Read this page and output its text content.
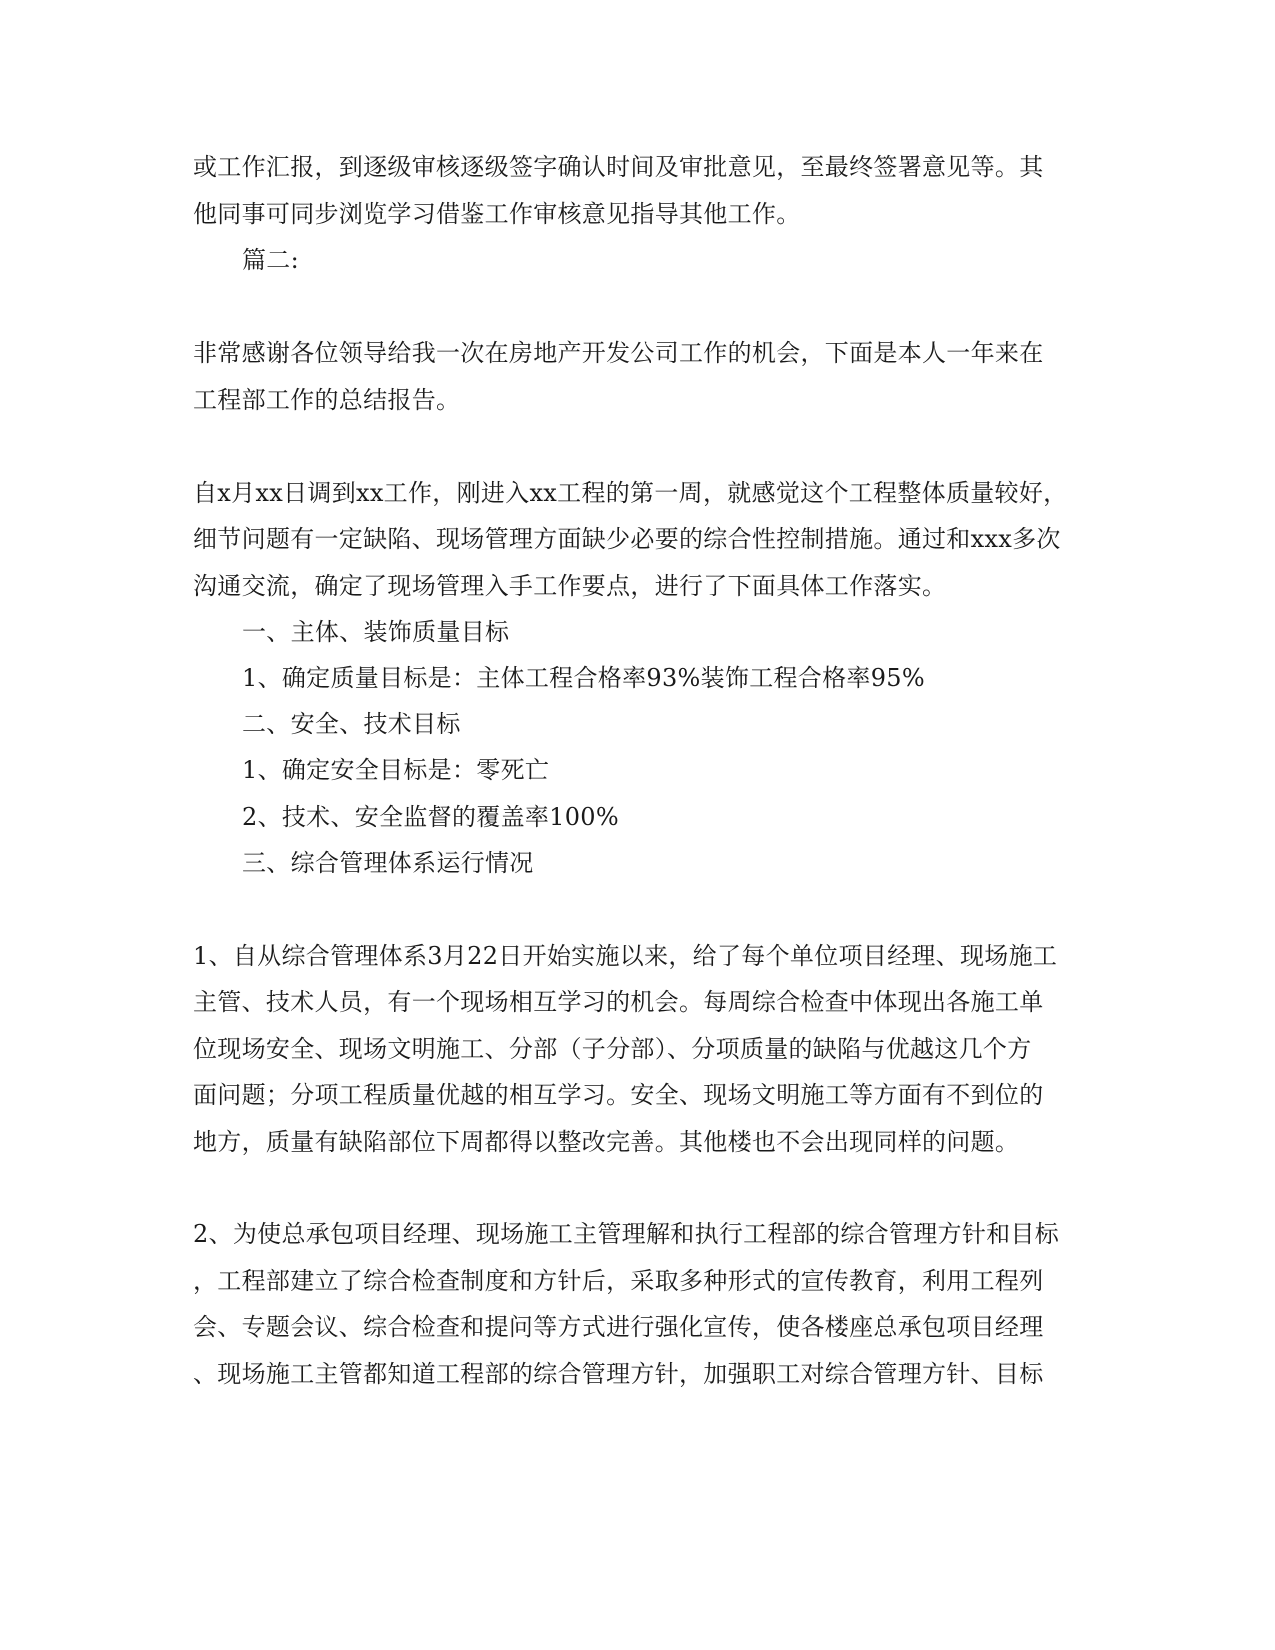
或工作汇报，到逐级审核逐级签字确认时间及审批意见，至最终签署意见等。其
他同事可同步浏览学习借鉴工作审核意见指导其他工作。
篇二:
非常感谢各位领导给我一次在房地产开发公司工作的机会，下面是本人一年来在
工程部工作的总结报告。
自x月xx日调到xx工作，刚进入xx工程的第一周，就感觉这个工程整体质量较好，
细节问题有一定缺陷、现场管理方面缺少必要的综合性控制措施。通过和xxx多次
沟通交流，确定了现场管理入手工作要点，进行了下面具体工作落实。
一、主体、装饰质量目标
1、确定质量目标是：主体工程合格率93%装饰工程合格率95%
二、安全、技术目标
1、确定安全目标是：零死亡
2、技术、安全监督的覆盖率100%
三、综合管理体系运行情况
1、自从综合管理体系3月22日开始实施以来，给了每个单位项目经理、现场施工
主管、技术人员，有一个现场相互学习的机会。每周综合检查中体现出各施工单
位现场安全、现场文明施工、分部（子分部）、分项质量的缺陷与优越这几个方
面问题；分项工程质量优越的相互学习。安全、现场文明施工等方面有不到位的
地方，质量有缺陷部位下周都得以整改完善。其他楼也不会出现同样的问题。
2、为使总承包项目经理、现场施工主管理解和执行工程部的综合管理方针和目标
，工程部建立了综合检查制度和方针后，采取多种形式的宣传教育，利用工程列
会、专题会议、综合检查和提问等方式进行强化宣传，使各楼座总承包项目经理
、现场施工主管都知道工程部的综合管理方针，加强职工对综合管理方针、目标
